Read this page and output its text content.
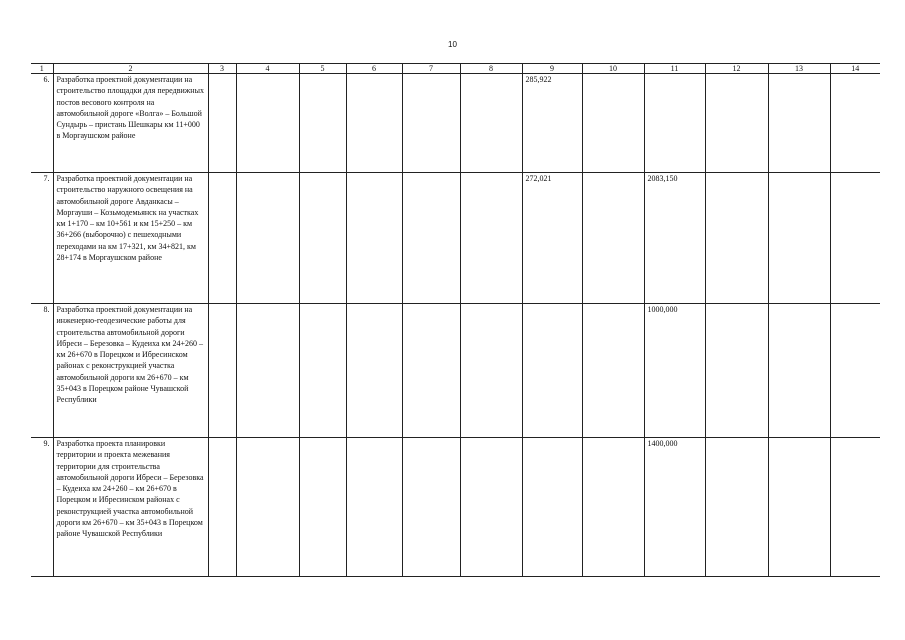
10
1	2	3	4	5	6	7	8	9	10	11	12	13	14
6.	Разработка проектной документации на строительство площадки для передвижных постов весового контроля на автомобильной дороге «Волга» – Большой Сундырь – пристань Шешкары км 11+000 в Моргаушском районе							285,922					
7.	Разработка проектной документации на строительство наружного освещения на автомобильной дороге Авданкасы – Моргауши – Козьмодемьянск на участках км 1+170 – км 10+561 и км 15+250 – км 36+266 (выборочно) с пешеходными переходами на км 17+321, км 34+821, км 28+174 в Моргаушском районе							272,021		2083,150			
8.	Разработка проектной документации на инженерно-геодезические работы для строительства автомобильной дороги Ибреси – Березовка – Кудеиха км 24+260 – км 26+670 в Порецком и Ибресинском районах с реконструкцией участка автомобильной дороги км 26+670 – км 35+043 в Порецком районе Чувашской Республики									1000,000			
9.	Разработка проекта планировки территории и проекта межевания территории для строительства автомобильной дороги Ибреси – Березовка – Кудеиха км 24+260 – км 26+670 в Порецком и Ибресинском районах с реконструкцией участка автомобильной дороги км 26+670 – км 35+043 в Порецком районе Чувашской Республики									1400,000			
